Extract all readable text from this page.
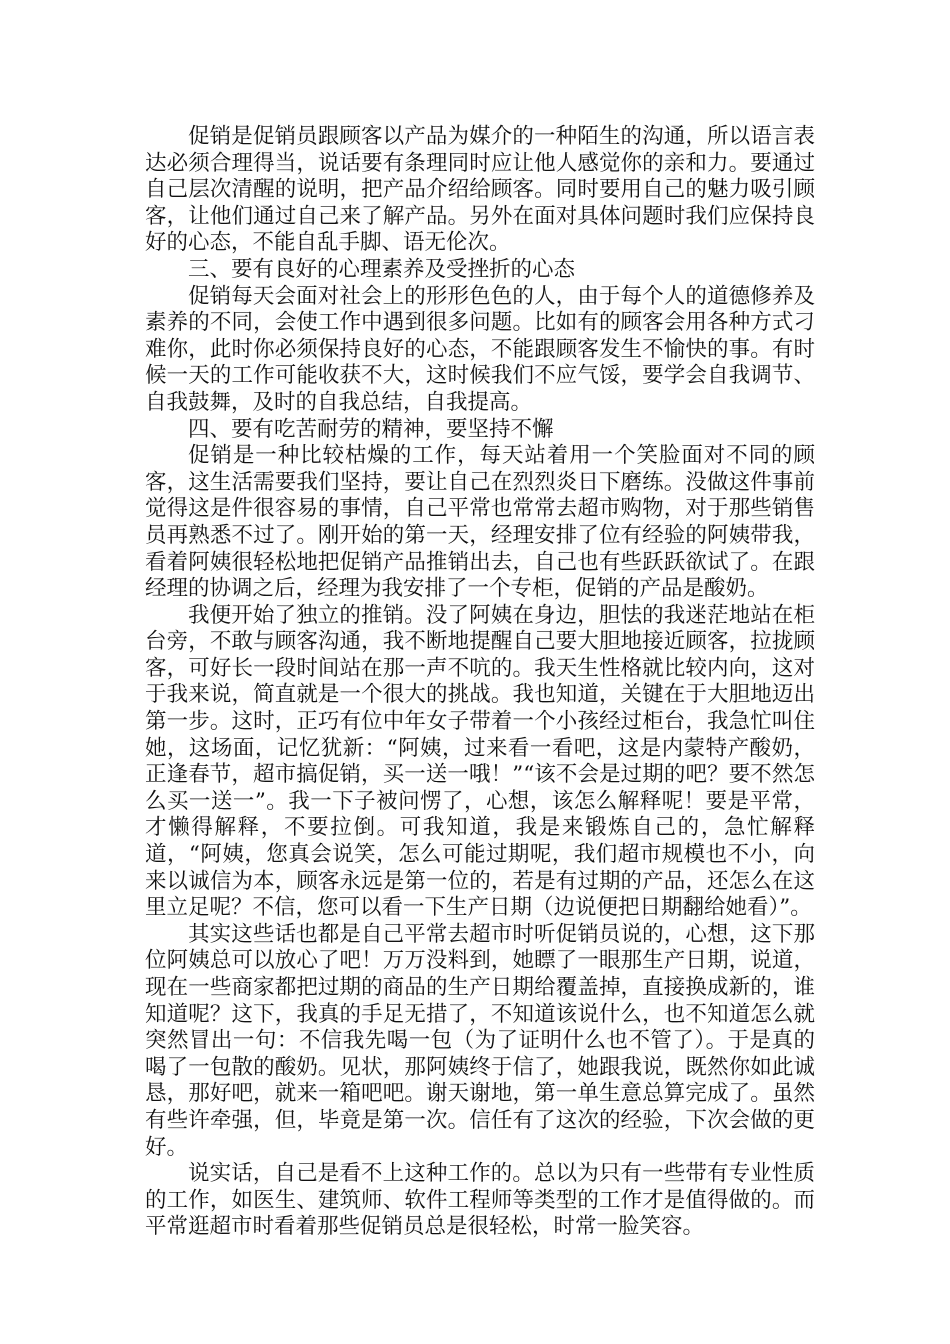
促销是促销员跟顾客以产品为媒介的一种陌生的沟通，所以语言表达必须合理得当，说话要有条理同时应让他人感觉你的亲和力。要通过自己层次清醒的说明，把产品介绍给顾客。同时要用自己的魅力吸引顾客，让他们通过自己来了解产品。另外在面对具体问题时我们应保持良好的心态，不能自乱手脚、语无伦次。

三、要有良好的心理素养及受挫折的心态

促销每天会面对社会上的形形色色的人，由于每个人的道德修养及素养的不同，会使工作中遇到很多问题。比如有的顾客会用各种方式刁难你，此时你必须保持良好的心态，不能跟顾客发生不愉快的事。有时候一天的工作可能收获不大，这时候我们不应气馁，要学会自我调节、自我鼓舞，及时的自我总结，自我提高。

四、要有吃苦耐劳的精神，要坚持不懈

促销是一种比较枯燥的工作，每天站着用一个笑脸面对不同的顾客，这生活需要我们坚持，要让自己在烈烈炎日下磨练。没做这件事前觉得这是件很容易的事情，自己平常也常常去超市购物，对于那些销售员再熟悉不过了。刚开始的第一天，经理安排了位有经验的阿姨带我，看着阿姨很轻松地把促销产品推销出去，自己也有些跃跃欲试了。在跟经理的协调之后，经理为我安排了一个专柜，促销的产品是酸奶。

我便开始了独立的推销。没了阿姨在身边，胆怯的我迷茫地站在柜台旁，不敢与顾客沟通，我不断地提醒自己要大胆地接近顾客，拉拢顾客，可好长一段时间站在那一声不吭的。我天生性格就比较内向，这对于我来说，简直就是一个很大的挑战。我也知道，关键在于大胆地迈出第一步。这时，正巧有位中年女子带着一个小孩经过柜台，我急忙叫住她，这场面，记忆犹新：“阿姨，过来看一看吧，这是内蒙特产酸奶，正逢春节，超市搞促销，买一送一哦！”“该不会是过期的吧？要不然怎么买一送一”。我一下子被问愣了，心想，该怎么解释呢！要是平常，才懒得解释，不要拉倒。可我知道，我是来锻炼自己的，急忙解释道，“阿姨，您真会说笑，怎么可能过期呢，我们超市规模也不小，向来以诚信为本，顾客永远是第一位的，若是有过期的产品，还怎么在这里立足呢？不信，您可以看一下生产日期（边说便把日期翻给她看）”。

其实这些话也都是自己平常去超市时听促销员说的，心想，这下那位阿姨总可以放心了吧！万万没料到，她瞟了一眼那生产日期，说道，现在一些商家都把过期的商品的生产日期给覆盖掉，直接换成新的，谁知道呢？这下，我真的手足无措了，不知道该说什么，也不知道怎么就突然冒出一句：不信我先喝一包（为了证明什么也不管了）。于是真的喝了一包散的酸奶。见状，那阿姨终于信了，她跟我说，既然你如此诚恳，那好吧，就来一箱吧吧。谢天谢地，第一单生意总算完成了。虽然有些许牵强，但，毕竟是第一次。信任有了这次的经验，下次会做的更好。

说实话，自己是看不上这种工作的。总以为只有一些带有专业性质的工作，如医生、建筑师、软件工程师等类型的工作才是值得做的。而平常逛超市时看着那些促销员总是很轻松，时常一脸笑容。
